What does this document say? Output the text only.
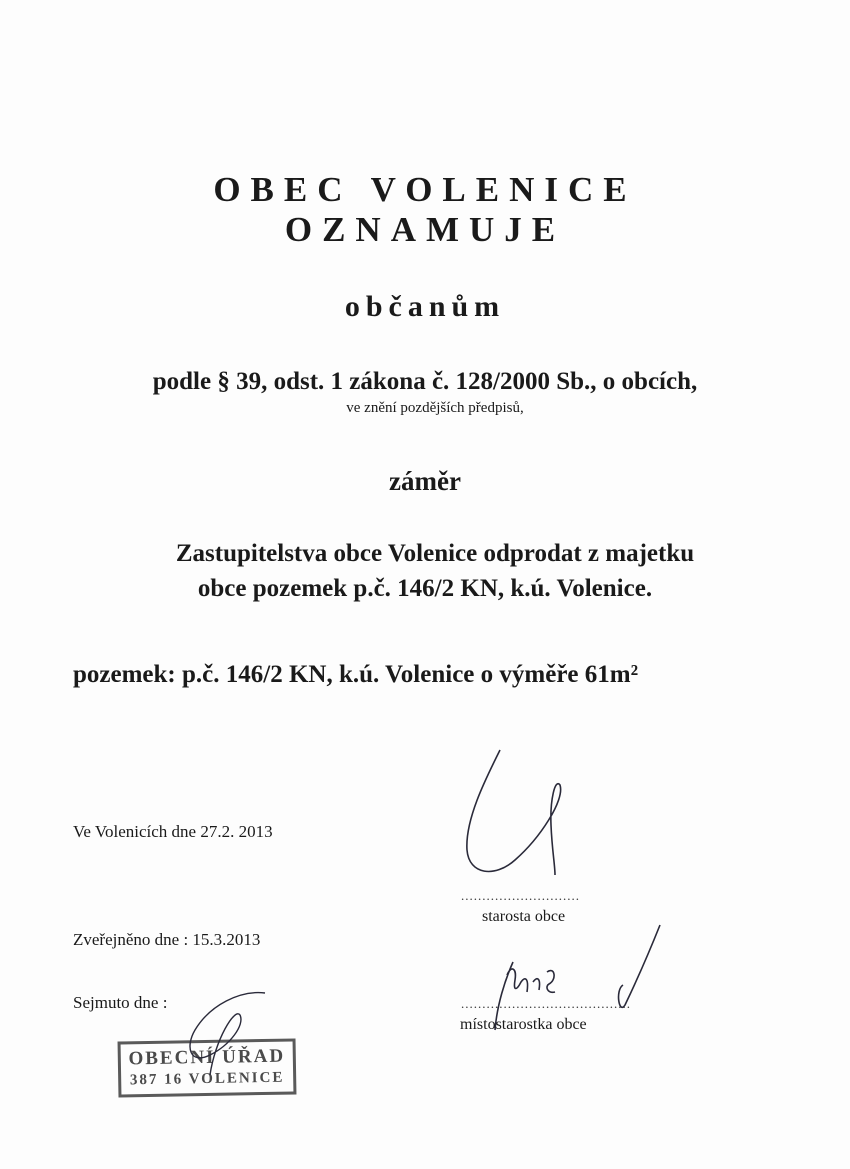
OBEC VOLENICE
OZNAMUJE
občanům
podle § 39, odst. 1 zákona č. 128/2000 Sb., o obcích,
ve znění pozdějších předpisů,
záměr
Zastupitelstva obce Volenice odprodat z majetku
obce pozemek p.č. 146/2 KN, k.ú. Volenice.
pozemek: p.č. 146/2 KN, k.ú. Volenice o výměře 61m²
Ve Volenicích dne 27.2. 2013
Zveřejněno dne : 15.3.2013
Sejmuto dne :
............................
starosta obce
........................................
místostarostka obce
OBECNÍ ÚŘAD
387 16 VOLENICE
